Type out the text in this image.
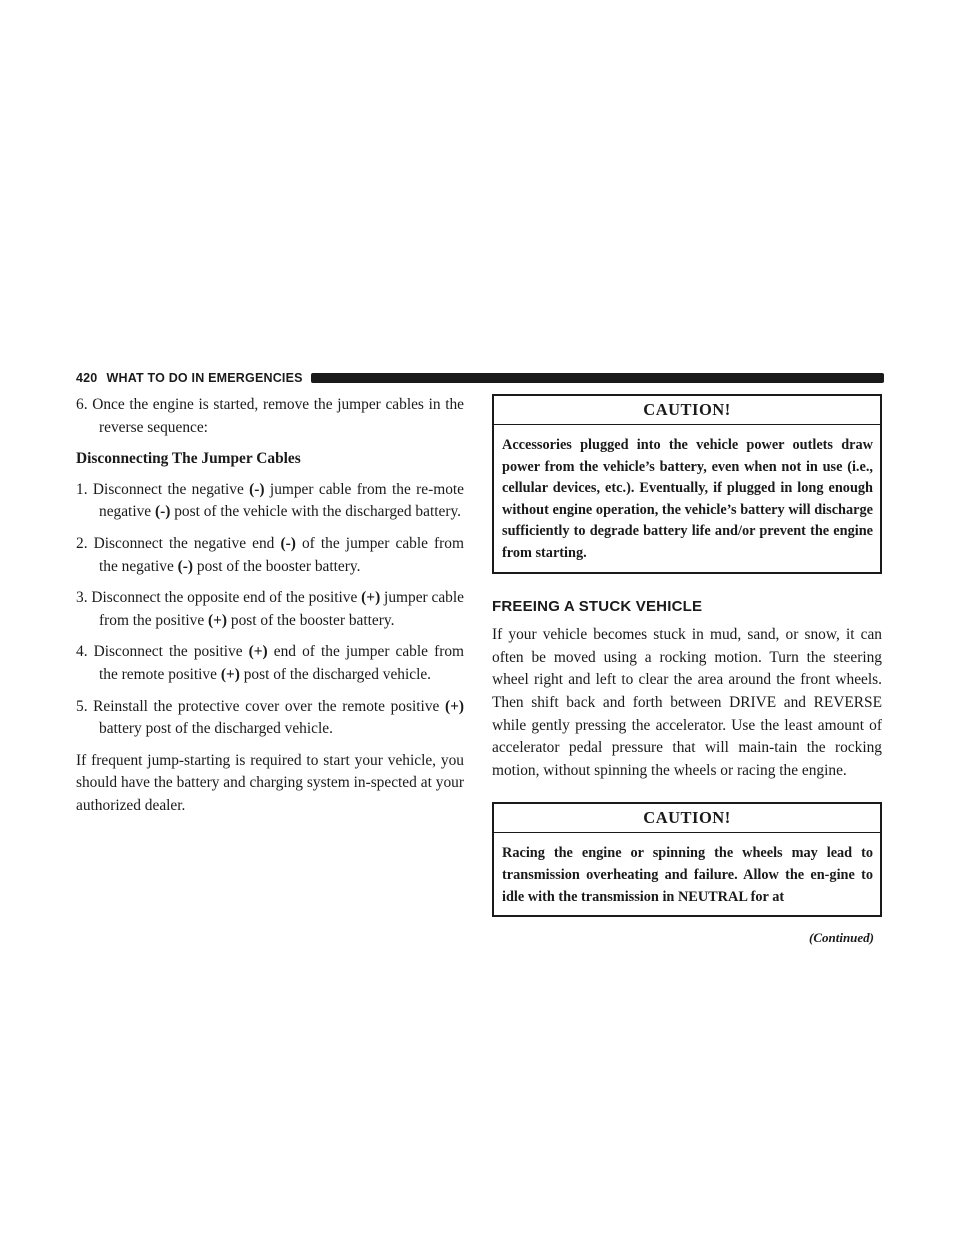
420 WHAT TO DO IN EMERGENCIES

6. Once the engine is started, remove the jumper cables in the reverse sequence:

Disconnecting The Jumper Cables

1. Disconnect the negative (-) jumper cable from the re-mote negative (-) post of the vehicle with the discharged battery.

2. Disconnect the negative end (-) of the jumper cable from the negative (-) post of the booster battery.

3. Disconnect the opposite end of the positive (+) jumper cable from the positive (+) post of the booster battery.

4. Disconnect the positive (+) end of the jumper cable from the remote positive (+) post of the discharged vehicle.

5. Reinstall the protective cover over the remote positive (+) battery post of the discharged vehicle.

If frequent jump-starting is required to start your vehicle, you should have the battery and charging system in-spected at your authorized dealer.

CAUTION!
Accessories plugged into the vehicle power outlets draw power from the vehicle’s battery, even when not in use (i.e., cellular devices, etc.). Eventually, if plugged in long enough without engine operation, the vehicle’s battery will discharge sufficiently to degrade battery life and/or prevent the engine from starting.
FREEING A STUCK VEHICLE

If your vehicle becomes stuck in mud, sand, or snow, it can often be moved using a rocking motion. Turn the steering wheel right and left to clear the area around the front wheels. Then shift back and forth between DRIVE and REVERSE while gently pressing the accelerator. Use the least amount of accelerator pedal pressure that will main-tain the rocking motion, without spinning the wheels or racing the engine.

CAUTION!
Racing the engine or spinning the wheels may lead to transmission overheating and failure. Allow the en-gine to idle with the transmission in NEUTRAL for at
(Continued)
